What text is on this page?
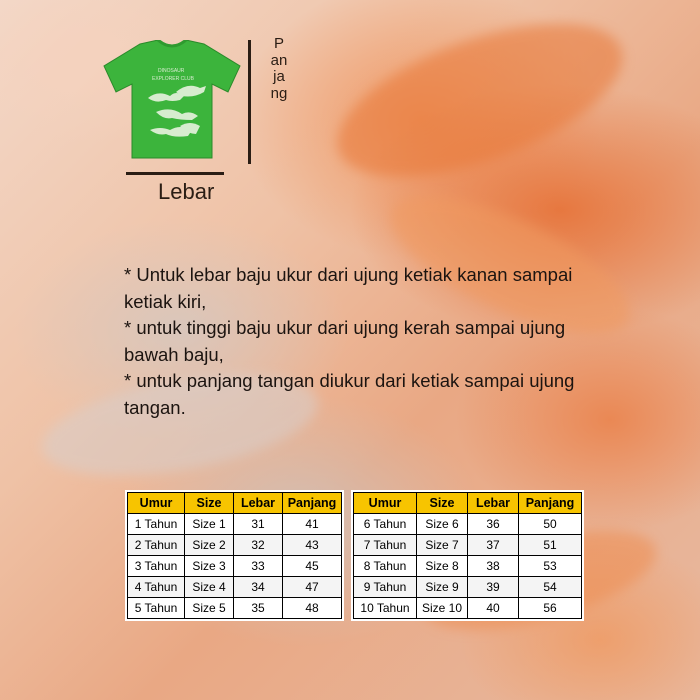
DINOSAUR
EXPLORER CLUB
Lebar
Panjang

* Untuk lebar baju ukur dari ujung ketiak kanan sampai ketiak kiri,

* untuk tinggi baju ukur dari ujung kerah sampai ujung bawah baju,

* untuk panjang tangan diukur dari ketiak sampai ujung tangan.

Umur	Size	Lebar	Panjang
1 Tahun	Size 1	31	41
2 Tahun	Size 2	32	43
3 Tahun	Size 3	33	45
4 Tahun	Size 4	34	47
5 Tahun	Size 5	35	48
Umur	Size	Lebar	Panjang
6 Tahun	Size 6	36	50
7 Tahun	Size 7	37	51
8 Tahun	Size 8	38	53
9 Tahun	Size 9	39	54
10 Tahun	Size 10	40	56
